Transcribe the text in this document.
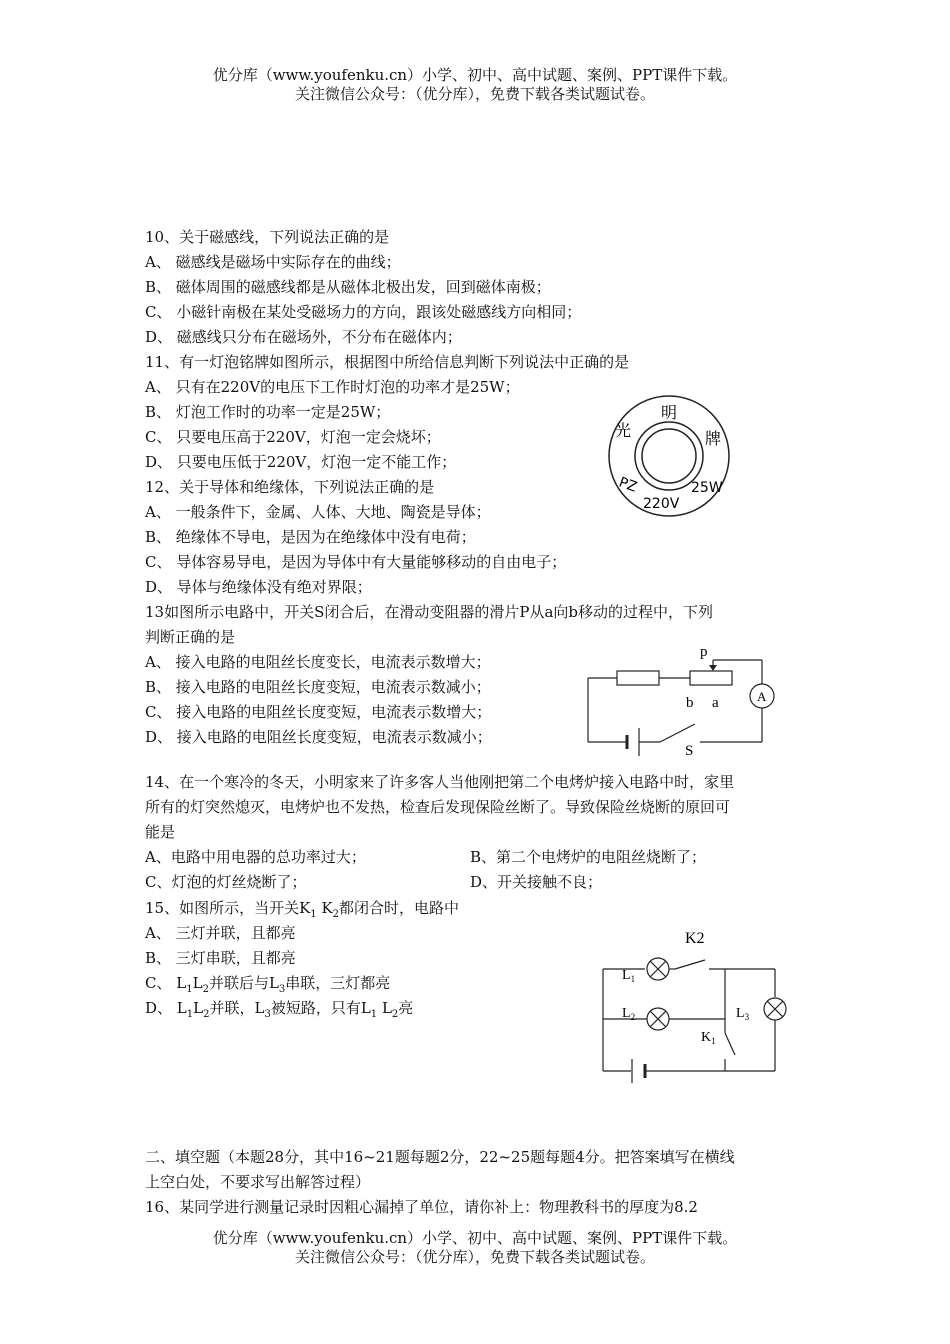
优分库（www.youfenku.cn）小学、初中、高中试题、案例、PPT课件下载。
关注微信公众号：（优分库），免费下载各类试题试卷。
10、关于磁感线，下列说法正确的是
A、 磁感线是磁场中实际存在的曲线；
B、 磁体周围的磁感线都是从磁体北极出发，回到磁体南极；
C、 小磁针南极在某处受磁场力的方向，跟该处磁感线方向相同；
D、 磁感线只分布在磁场外，不分布在磁体内；
11、有一灯泡铭牌如图所示，根据图中所给信息判断下列说法中正确的是
A、 只有在220V的电压下工作时灯泡的功率才是25W；
B、 灯泡工作时的功率一定是25W；
C、 只要电压高于220V，灯泡一定会烧坏；
D、 只要电压低于220V，灯泡一定不能工作；
明
光	牌
PZ
220V
25W
12、关于导体和绝缘体，下列说法正确的是
A、 一般条件下，金属、人体、大地、陶瓷是导体；
B、 绝缘体不导电，是因为在绝缘体中没有电荷；
C、 导体容易导电，是因为导体中有大量能够移动的自由电子；
D、 导体与绝缘体没有绝对界限；
13如图所示电路中，开关S闭合后，在滑动变阻器的滑片P从a向b移动的过程中，下列
判断正确的是
A、 接入电路的电阻丝长度变长，电流表示数增大；
B、 接入电路的电阻丝长度变短，电流表示数减小；
C、 接入电路的电阻丝长度变短，电流表示数增大；
D、 接入电路的电阻丝长度变短，电流表示数减小；
A
p
b a
S
14、在一个寒冷的冬天，小明家来了许多客人当他刚把第二个电烤炉接入电路中时，家里
所有的灯突然熄灭，电烤炉也不发热，检查后发现保险丝断了。导致保险丝烧断的原回可
能是
A、电路中用电器的总功率过大；	B、第二个电烤炉的电阻丝烧断了；
C、灯泡的灯丝烧断了；	D、开关接触不良；
15、如图所示，当开关$K_1$ $K_2$都闭合时，电路中
A、 三灯并联，且都亮
B、 三灯串联，且都亮
C、 $L_1L_2$并联后与$L_3$串联，三灯都亮
D、 $L_1L_2$并联，$L_3$被短路，只有$L_1$ $L_2$亮
K2
$L_1$
$L_2$	$L_3$
$K_1$
二、填空题（本题28分，其中16~21题每题2分，22~25题每题4分。把答案填写在横线
上空白处，不要求写出解答过程）
16、某同学进行测量记录时因粗心漏掉了单位，请你补上：物理教科书的厚度为8.2
优分库（www.youfenku.cn）小学、初中、高中试题、案例、PPT课件下载。
关注微信公众号：（优分库），免费下载各类试题试卷。
